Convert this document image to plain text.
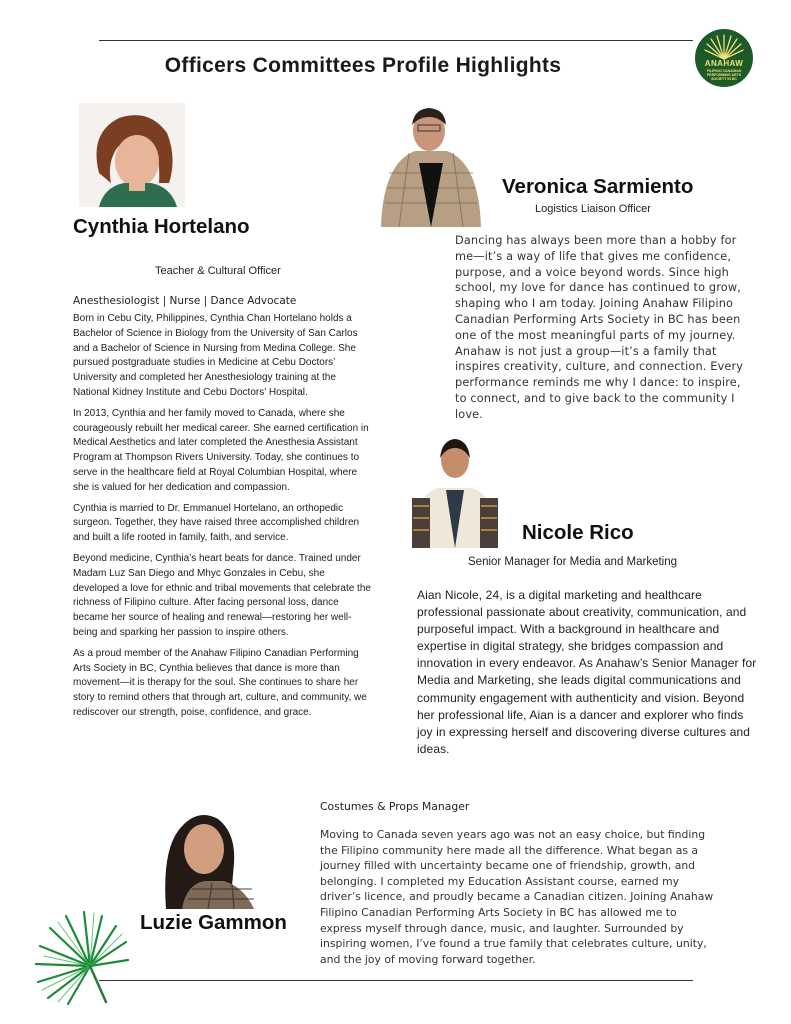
Officers Committees Profile Highlights	ANAHAW
FILIPINO CANADIAN PERFORMING ARTS SOCIETY IN BC
Cynthia Hortelano
Teacher & Cultural Officer
Anesthesiologist | Nurse | Dance Advocate

Born in Cebu City, Philippines, Cynthia Chan Hortelano holds a Bachelor of Science in Biology from the University of San Carlos and a Bachelor of Science in Nursing from Medina College. She pursued postgraduate studies in Medicine at Cebu Doctors’ University and completed her Anesthesiology training at the National Kidney Institute and Cebu Doctors’ Hospital.

In 2013, Cynthia and her family moved to Canada, where she courageously rebuilt her medical career. She earned certification in Medical Aesthetics and later completed the Anesthesia Assistant Program at Thompson Rivers University. Today, she continues to serve in the healthcare field at Royal Columbian Hospital, where she is valued for her dedication and compassion.

Cynthia is married to Dr. Emmanuel Hortelano, an orthopedic surgeon. Together, they have raised three accomplished children and built a life rooted in family, faith, and service.

Beyond medicine, Cynthia’s heart beats for dance. Trained under Madam Luz San Diego and Mhyc Gonzales in Cebu, she developed a love for ethnic and tribal movements that celebrate the richness of Filipino culture. After facing personal loss, dance became her source of healing and renewal—restoring her well-being and sparking her passion to inspire others.

As a proud member of the Anahaw Filipino Canadian Performing Arts Society in BC, Cynthia believes that dance is more than movement—it is therapy for the soul. She continues to share her story to remind others that through art, culture, and community, we rediscover our strength, poise, confidence, and grace.

Veronica Sarmiento
Logistics Liaison Officer
Dancing has always been more than a hobby for me—it’s a way of life that gives me confidence, purpose, and a voice beyond words. Since high school, my love for dance has continued to grow, shaping who I am today. Joining Anahaw Filipino Canadian Performing Arts Society in BC has been one of the most meaningful parts of my journey. Anahaw is not just a group—it’s a family that inspires creativity, culture, and connection. Every performance reminds me why I dance: to inspire, to connect, and to give back to the community I love.
Nicole Rico
Senior Manager for Media and Marketing
Aian Nicole, 24, is a digital marketing and healthcare professional passionate about creativity, communication, and purposeful impact. With a background in healthcare and expertise in digital strategy, she bridges compassion and innovation in every endeavor. As Anahaw’s Senior Manager for Media and Marketing, she leads digital communications and community engagement with authenticity and vision. Beyond her professional life, Aian is a dancer and explorer who finds joy in expressing herself and discovering diverse cultures and ideas.
Luzie Gammon
Costumes & Props Manager
Moving to Canada seven years ago was not an easy choice, but finding the Filipino community here made all the difference. What began as a journey filled with uncertainty became one of friendship, growth, and belonging. I completed my Education Assistant course, earned my driver’s licence, and proudly became a Canadian citizen. Joining Anahaw Filipino Canadian Performing Arts Society in BC has allowed me to express myself through dance, music, and laughter. Surrounded by inspiring women, I’ve found a true family that celebrates culture, unity, and the joy of moving forward together.
